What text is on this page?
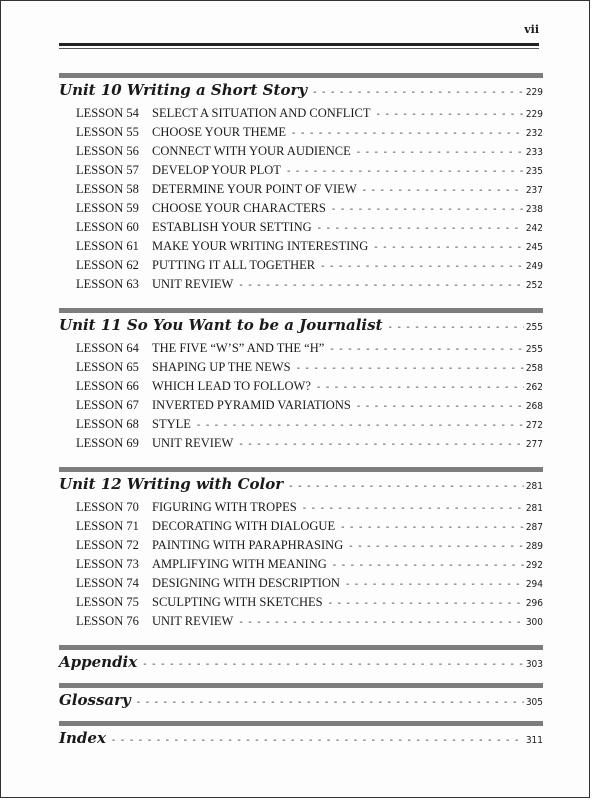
vii
Unit 10 Writing a Short Story - - -	229
LESSON 54	SELECT A SITUATION AND CONFLICT - - -	229
LESSON 55	CHOOSE YOUR THEME - - -	232
LESSON 56	CONNECT WITH YOUR AUDIENCE - - -	233
LESSON 57	DEVELOP YOUR PLOT - - -	235
LESSON 58	DETERMINE YOUR POINT OF VIEW - - -	237
LESSON 59	CHOOSE YOUR CHARACTERS - - -	238
LESSON 60	ESTABLISH YOUR SETTING - - -	242
LESSON 61	MAKE YOUR WRITING INTERESTING - - -	245
LESSON 62	PUTTING IT ALL TOGETHER - - -	249
LESSON 63	UNIT REVIEW - - -	252
Unit 11 So You Want to be a Journalist - - -	255
LESSON 64	THE FIVE “W’S” AND THE “H” - - -	255
LESSON 65	SHAPING UP THE NEWS - - -	258
LESSON 66	WHICH LEAD TO FOLLOW? - - -	262
LESSON 67	INVERTED PYRAMID VARIATIONS - - -	268
LESSON 68	STYLE - - -	272
LESSON 69	UNIT REVIEW - - -	277
Unit 12 Writing with Color - - -	281
LESSON 70	FIGURING WITH TROPES - - -	281
LESSON 71	DECORATING WITH DIALOGUE - - -	287
LESSON 72	PAINTING WITH PARAPHRASING - - -	289
LESSON 73	AMPLIFYING WITH MEANING - - -	292
LESSON 74	DESIGNING WITH DESCRIPTION - - -	294
LESSON 75	SCULPTING WITH SKETCHES - - -	296
LESSON 76	UNIT REVIEW - - -	300
Appendix - - -	303
Glossary - - -	305
Index - - -	311
